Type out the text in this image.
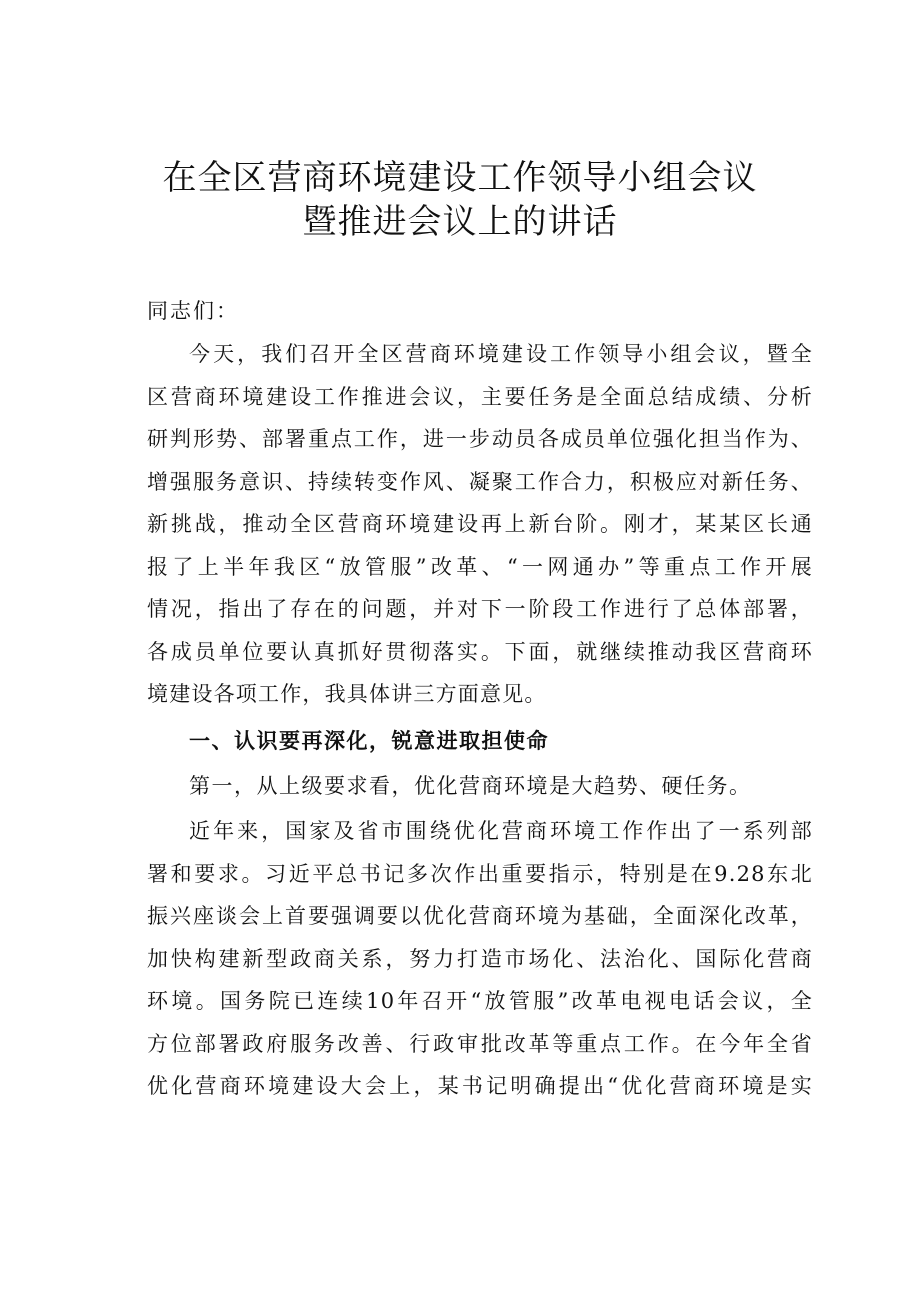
在全区营商环境建设工作领导小组会议
暨推进会议上的讲话
同志们：
今天，我们召开全区营商环境建设工作领导小组会议，暨全
区营商环境建设工作推进会议，主要任务是全面总结成绩、分析
研判形势、部署重点工作，进一步动员各成员单位强化担当作为、
增强服务意识、持续转变作风、凝聚工作合力，积极应对新任务、
新挑战，推动全区营商环境建设再上新台阶。刚才，某某区长通
报了上半年我区“放管服”改革、“一网通办”等重点工作开展
情况，指出了存在的问题，并对下一阶段工作进行了总体部署，
各成员单位要认真抓好贯彻落实。下面，就继续推动我区营商环
境建设各项工作，我具体讲三方面意见。
一、认识要再深化，锐意进取担使命
第一，从上级要求看，优化营商环境是大趋势、硬任务。
近年来，国家及省市围绕优化营商环境工作作出了一系列部
署和要求。习近平总书记多次作出重要指示，特别是在9.28东北
振兴座谈会上首要强调要以优化营商环境为基础，全面深化改革，
加快构建新型政商关系，努力打造市场化、法治化、国际化营商
环境。国务院已连续10年召开“放管服”改革电视电话会议，全
方位部署政府服务改善、行政审批改革等重点工作。在今年全省
优化营商环境建设大会上，某书记明确提出“优化营商环境是实
